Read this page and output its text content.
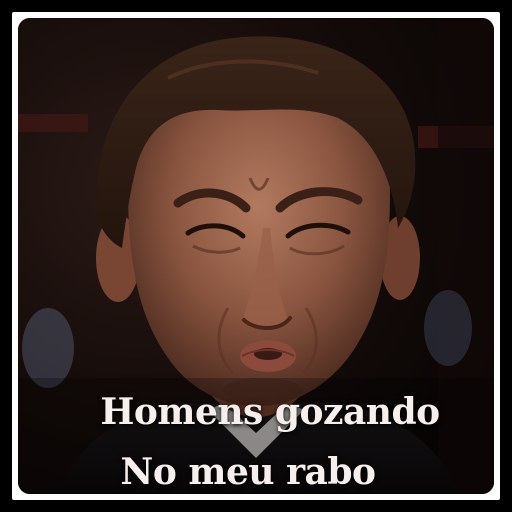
Homens gozando
No meu rabo
